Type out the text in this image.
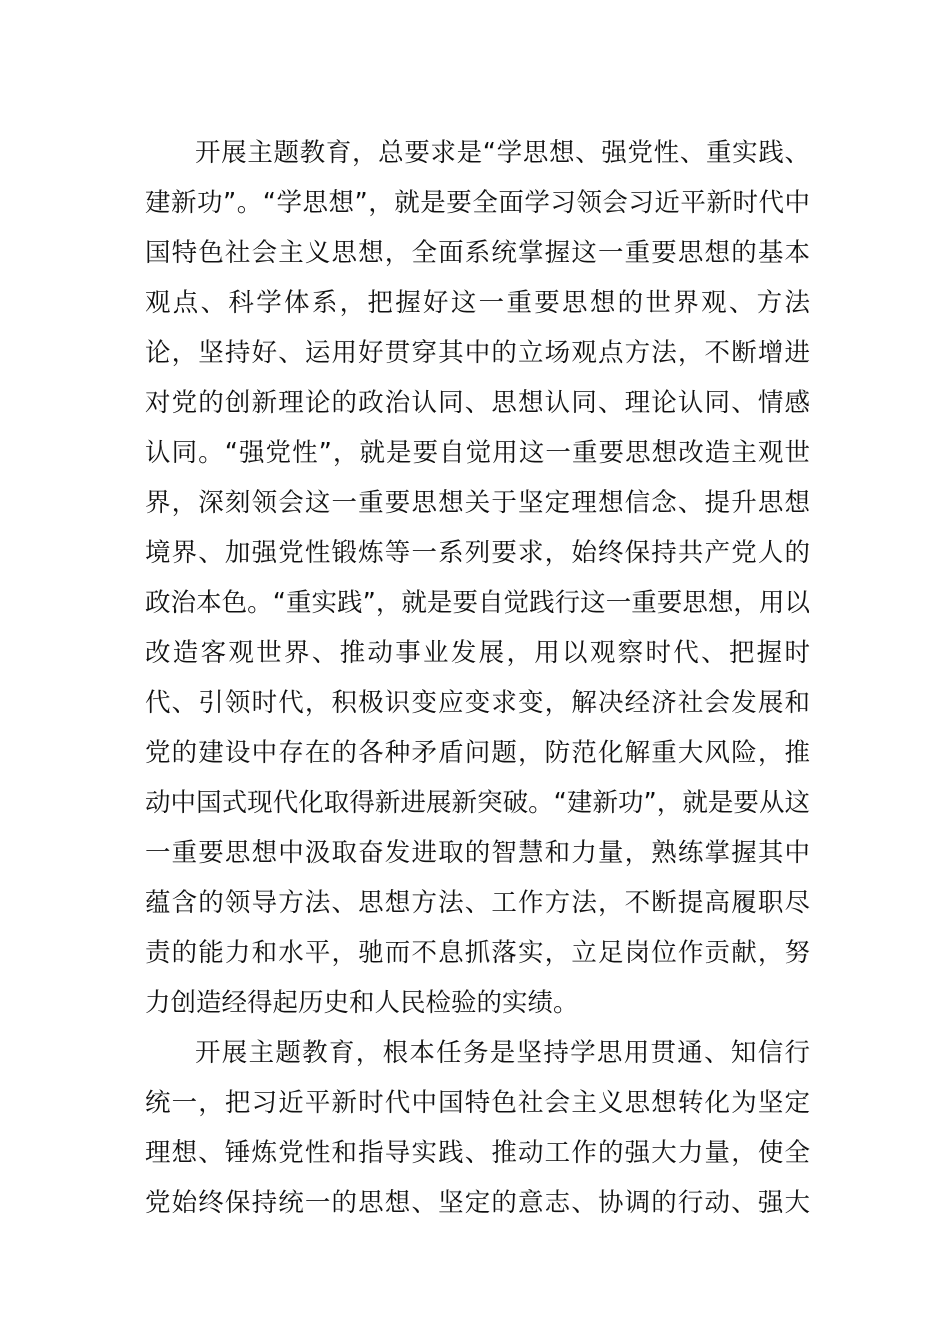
开展主题教育，总要求是“学思想、强党性、重实践、
建新功”。“学思想”，就是要全面学习领会习近平新时代中
国特色社会主义思想，全面系统掌握这一重要思想的基本
观点、科学体系，把握好这一重要思想的世界观、方法
论，坚持好、运用好贯穿其中的立场观点方法，不断增进
对党的创新理论的政治认同、思想认同、理论认同、情感
认同。“强党性”，就是要自觉用这一重要思想改造主观世
界，深刻领会这一重要思想关于坚定理想信念、提升思想
境界、加强党性锻炼等一系列要求，始终保持共产党人的
政治本色。“重实践”，就是要自觉践行这一重要思想，用以
改造客观世界、推动事业发展，用以观察时代、把握时
代、引领时代，积极识变应变求变，解决经济社会发展和
党的建设中存在的各种矛盾问题，防范化解重大风险，推
动中国式现代化取得新进展新突破。“建新功”，就是要从这
一重要思想中汲取奋发进取的智慧和力量，熟练掌握其中
蕴含的领导方法、思想方法、工作方法，不断提高履职尽
责的能力和水平，驰而不息抓落实，立足岗位作贡献，努
力创造经得起历史和人民检验的实绩。
开展主题教育，根本任务是坚持学思用贯通、知信行
统一，把习近平新时代中国特色社会主义思想转化为坚定
理想、锤炼党性和指导实践、推动工作的强大力量，使全
党始终保持统一的思想、坚定的意志、协调的行动、强大
